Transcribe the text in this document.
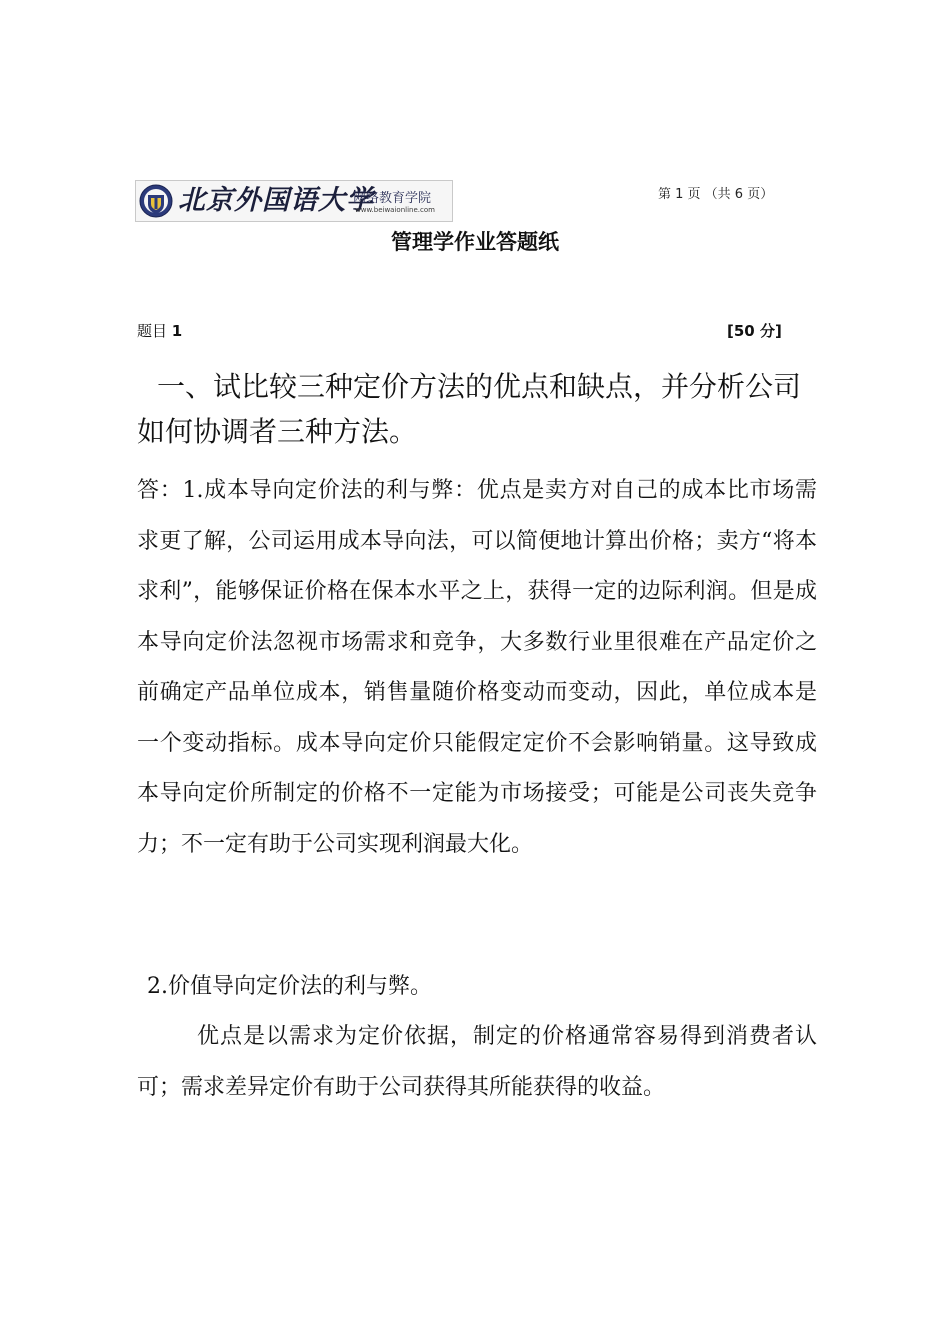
北京外国语大学
网络教育学院
www.beiwaionline.com
第 1 页 （共 6 页）
管理学作业答题纸
题目 1	[50 分]
一、试比较三种定价方法的优点和缺点，并分析公司如何协调者三种方法。
答：1.成本导向定价法的利与弊：优点是卖方对自己的成本比市场需求更了解，公司运用成本导向法，可以简便地计算出价格；卖方“将本求利”，能够保证价格在保本水平之上，获得一定的边际利润。但是成本导向定价法忽视市场需求和竞争，大多数行业里很难在产品定价之前确定产品单位成本，销售量随价格变动而变动，因此，单位成本是一个变动指标。成本导向定价只能假定定价不会影响销量。这导致成本导向定价所制定的价格不一定能为市场接受；可能是公司丧失竞争力；不一定有助于公司实现利润最大化。
2.价值导向定价法的利与弊。
优点是以需求为定价依据，制定的价格通常容易得到消费者认可；需求差异定价有助于公司获得其所能获得的收益。
